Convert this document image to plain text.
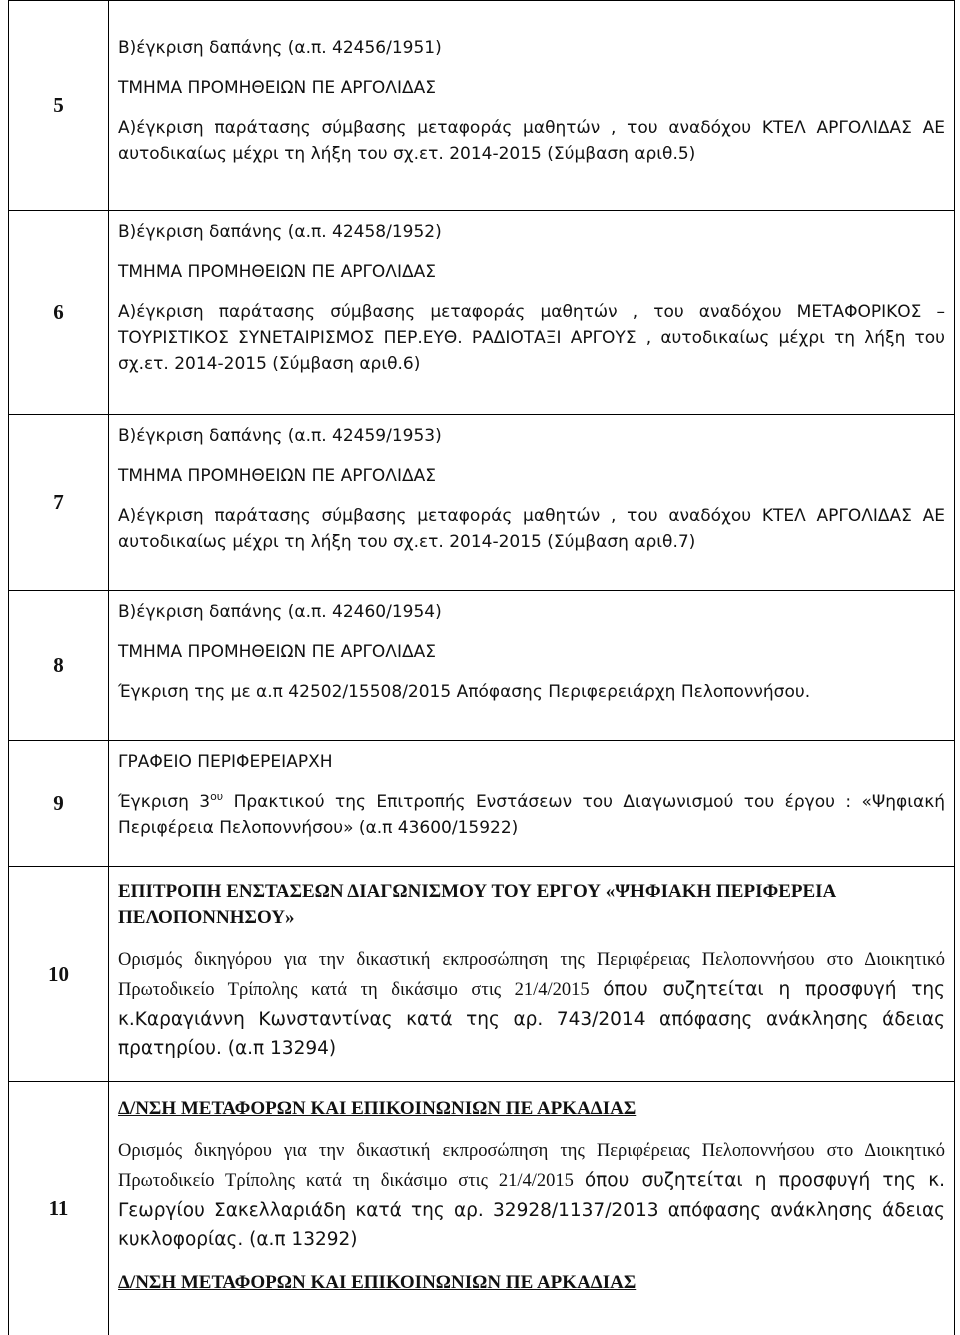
5	Β)έγκριση δαπάνης (α.π. 42456/1951)

ΤΜΗΜΑ ΠΡΟΜΗΘΕΙΩΝ ΠΕ ΑΡΓΟΛΙΔΑΣ

Α)έγκριση παράτασης σύμβασης μεταφοράς μαθητών , του αναδόχου ΚΤΕΛ ΑΡΓΟΛΙΔΑΣ ΑΕ αυτοδικαίως μέχρι τη λήξη του σχ.ετ. 2014-2015 (Σύμβαση αριθ.5)

6	Β)έγκριση δαπάνης (α.π. 42458/1952)

ΤΜΗΜΑ ΠΡΟΜΗΘΕΙΩΝ ΠΕ ΑΡΓΟΛΙΔΑΣ

Α)έγκριση παράτασης σύμβασης μεταφοράς μαθητών , του αναδόχου ΜΕΤΑΦΟΡΙΚΟΣ – ΤΟΥΡΙΣΤΙΚΟΣ ΣΥΝΕΤΑΙΡΙΣΜΟΣ ΠΕΡ.ΕΥΘ. ΡΑΔΙΟΤΑΞΙ ΑΡΓΟΥΣ , αυτοδικαίως μέχρι τη λήξη του σχ.ετ. 2014-2015 (Σύμβαση αριθ.6)

7	Β)έγκριση δαπάνης (α.π. 42459/1953)

ΤΜΗΜΑ ΠΡΟΜΗΘΕΙΩΝ ΠΕ ΑΡΓΟΛΙΔΑΣ

Α)έγκριση παράτασης σύμβασης μεταφοράς μαθητών , του αναδόχου ΚΤΕΛ ΑΡΓΟΛΙΔΑΣ ΑΕ αυτοδικαίως μέχρι τη λήξη του σχ.ετ. 2014-2015 (Σύμβαση αριθ.7)

8	Β)έγκριση δαπάνης (α.π. 42460/1954)

ΤΜΗΜΑ ΠΡΟΜΗΘΕΙΩΝ ΠΕ ΑΡΓΟΛΙΔΑΣ

Έγκριση της με α.π 42502/15508/2015 Απόφασης Περιφερειάρχη Πελοποννήσου.

9	ΓΡΑΦΕΙΟ ΠΕΡΙΦΕΡΕΙΑΡΧΗ

Έγκριση $3^{o\upsilon}$ Πρακτικού της Επιτροπής Ενστάσεων του Διαγωνισμού του έργου : «Ψηφιακή Περιφέρεια Πελοποννήσου» (α.π 43600/15922)

10	ΕΠΙΤΡΟΠΗ ΕΝΣΤΑΣΕΩΝ ΔΙΑΓΩΝΙΣΜΟΥ ΤΟΥ ΕΡΓΟΥ «ΨΗΦΙΑΚΗ ΠΕΡΙΦΕΡΕΙΑ ΠΕΛΟΠΟΝΝΗΣΟΥ»

Ορισμός δικηγόρου για την δικαστική εκπροσώπηση της Περιφέρειας Πελοποννήσου στο Διοικητικό Πρωτοδικείο Τρίπολης κατά τη δικάσιμο στις 21/4/2015 όπου συζητείται η προσφυγή της κ.Καραγιάννη Κωνσταντίνας κατά της αρ. 743/2014 απόφασης ανάκλησης άδειας πρατηρίου. (α.π 13294)

11	Δ/ΝΣΗ ΜΕΤΑΦΟΡΩΝ ΚΑΙ ΕΠΙΚΟΙΝΩΝΙΩΝ ΠΕ ΑΡΚΑΔΙΑΣ

Ορισμός δικηγόρου για την δικαστική εκπροσώπηση της Περιφέρειας Πελοποννήσου στο Διοικητικό Πρωτοδικείο Τρίπολης κατά τη δικάσιμο στις 21/4/2015 όπου συζητείται η προσφυγή της κ. Γεωργίου Σακελλαριάδη κατά της αρ. 32928/1137/2013 απόφασης ανάκλησης άδειας κυκλοφορίας. (α.π 13292)

Δ/ΝΣΗ ΜΕΤΑΦΟΡΩΝ ΚΑΙ ΕΠΙΚΟΙΝΩΝΙΩΝ ΠΕ ΑΡΚΑΔΙΑΣ
